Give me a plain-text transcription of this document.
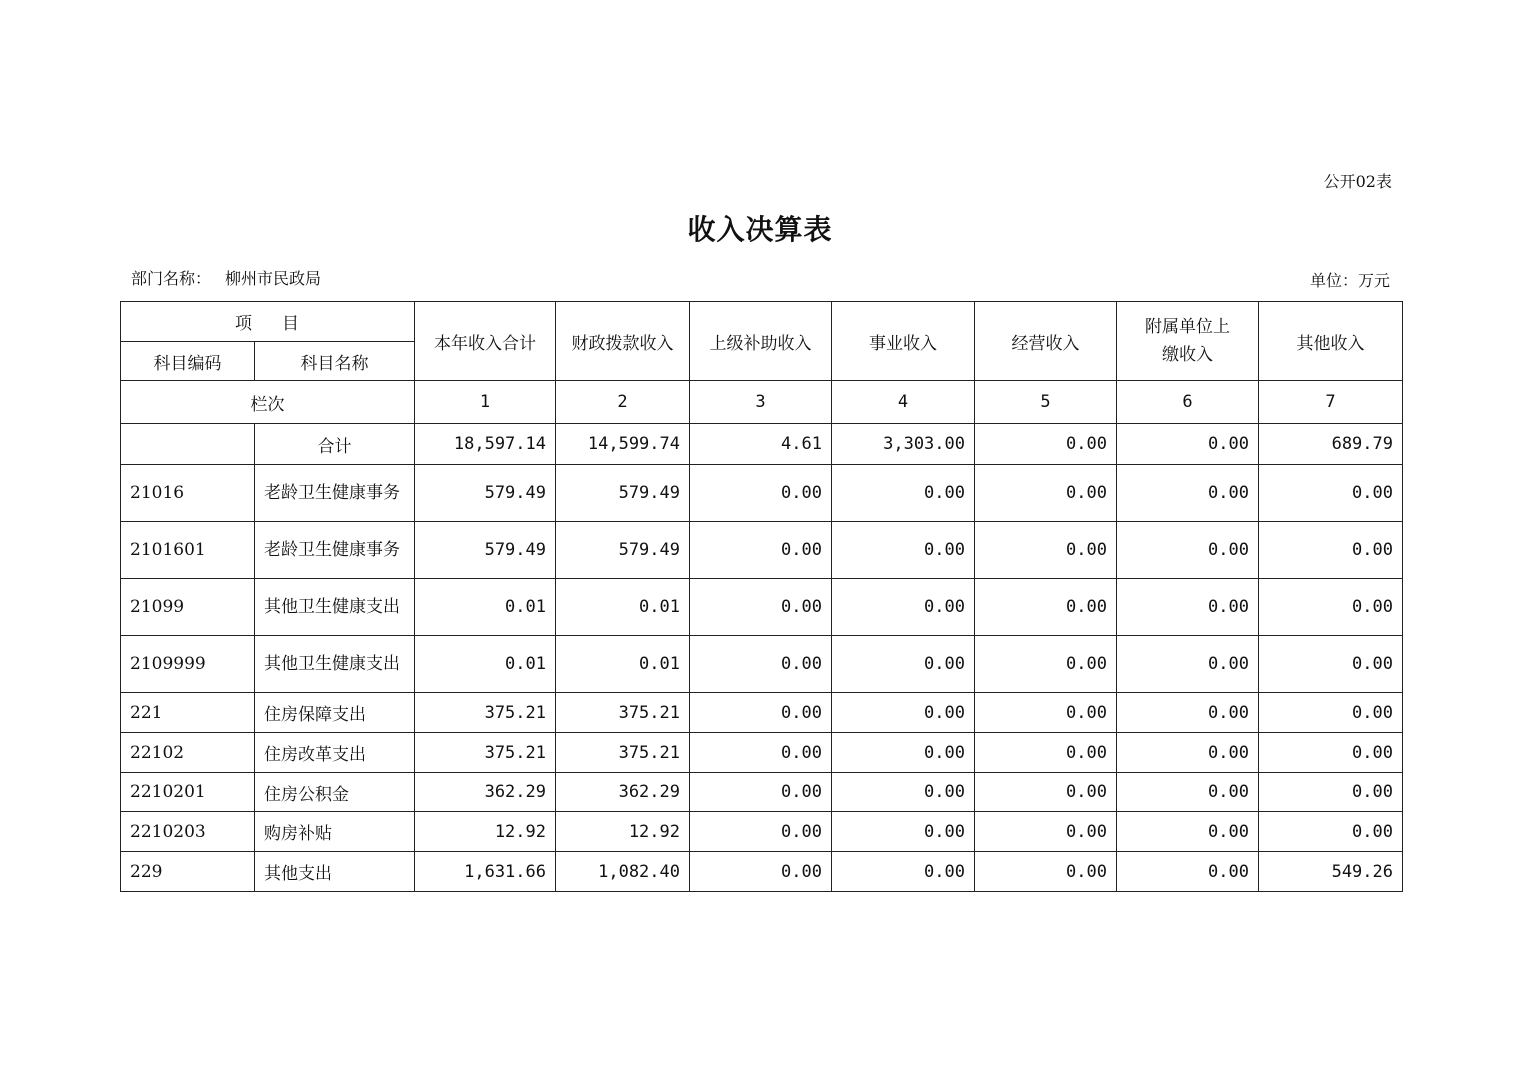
公开02表
收入决算表
部门名称： 柳州市民政局	单位：万元
项目		本年收入合计	财政拨款收入	上级补助收入	事业收入	经营收入	附属单位上缴收入	其他收入
科目编码	科目名称							
栏次		1	2	3	4	5	6	7
	合计	18,597.14	14,599.74	4.61	3,303.00	0.00	0.00	689.79
21016	老龄卫生健康事务	579.49	579.49	0.00	0.00	0.00	0.00	0.00
2101601	老龄卫生健康事务	579.49	579.49	0.00	0.00	0.00	0.00	0.00
21099	其他卫生健康支出	0.01	0.01	0.00	0.00	0.00	0.00	0.00
2109999	其他卫生健康支出	0.01	0.01	0.00	0.00	0.00	0.00	0.00
221	住房保障支出	375.21	375.21	0.00	0.00	0.00	0.00	0.00
22102	住房改革支出	375.21	375.21	0.00	0.00	0.00	0.00	0.00
2210201	住房公积金	362.29	362.29	0.00	0.00	0.00	0.00	0.00
2210203	购房补贴	12.92	12.92	0.00	0.00	0.00	0.00	0.00
229	其他支出	1,631.66	1,082.40	0.00	0.00	0.00	0.00	549.26
